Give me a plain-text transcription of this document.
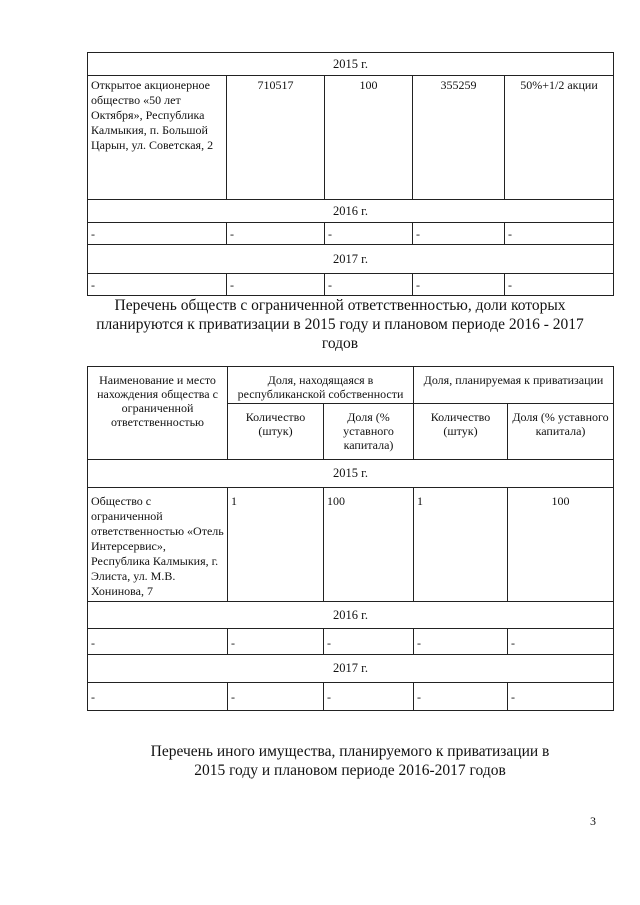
2015 г.				
Открытое акционерное общество «50 лет Октября», Республика Калмыкия, п. Большой Царын, ул. Советская, 2	710517	100	355259	50%+1/2 акции
2016 г.				
-	-	-	-	-
2017 г.				
-	-	-	-	-
Перечень обществ с ограниченной ответственностью, доли которых планируются к приватизации в 2015 году и плановом периоде 2016 - 2017 годов
Наименование и место нахождения общества с ограниченной ответственностью	Доля, находящаяся в республиканской собственности		Доля, планируемая к приватизации	
	Количество (штук)	Доля (% уставного капитала)	Количество (штук)	Доля (% уставного капитала)
2015 г.				
Общество с ограниченной ответственностью «Отель Интерсервис», Республика Калмыкия, г. Элиста, ул. М.В. Хонинова, 7	1	100	1	100
2016 г.				
-	-	-	-	-
2017 г.				
-	-	-	-	-
Перечень иного имущества, планируемого к приватизации в 2015 году и плановом периоде 2016-2017 годов
3
